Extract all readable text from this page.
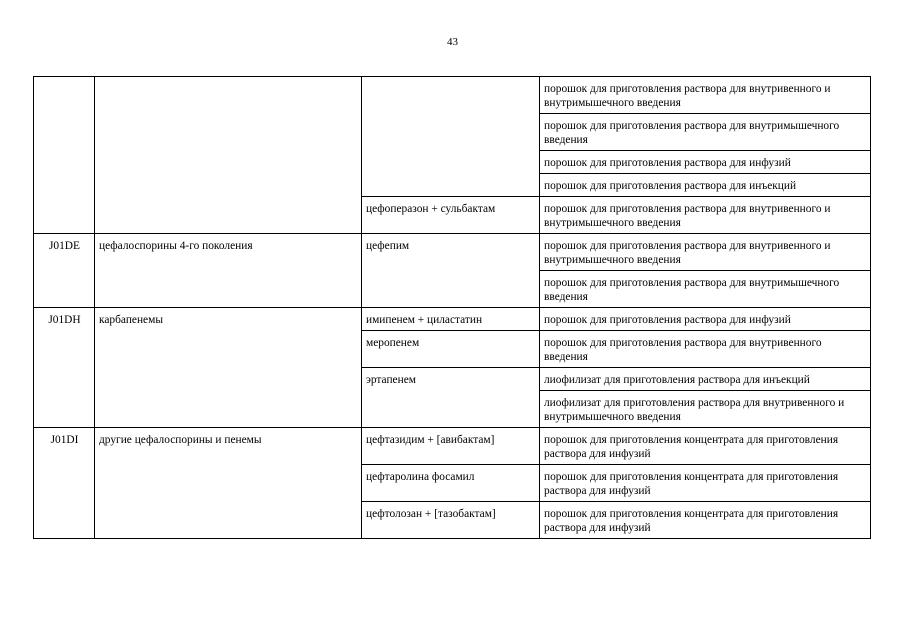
43
			порошок для приготовления раствора для внутривенного и внутримышечного введения
			порошок для приготовления раствора для внутримышечного введения
			порошок для приготовления раствора для инфузий
			порошок для приготовления раствора для инъекций
		цефоперазон + сульбактам	порошок для приготовления раствора для внутривенного и внутримышечного введения
J01DE	цефалоспорины 4-го поколения	цефепим	порошок для приготовления раствора для внутривенного и внутримышечного введения
			порошок для приготовления раствора для внутримышечного введения
J01DH	карбапенемы	имипенем + циластатин	порошок для приготовления раствора для инфузий
		меропенем	порошок для приготовления раствора для внутривенного введения
		эртапенем	лиофилизат для приготовления раствора для инъекций
			лиофилизат для приготовления раствора для внутривенного и внутримышечного введения
J01DI	другие цефалоспорины и пенемы	цефтазидим + [авибактам]	порошок для приготовления концентрата для приготовления раствора для инфузий
		цефтаролина фосамил	порошок для приготовления концентрата для приготовления раствора для инфузий
		цефтолозан + [тазобактам]	порошок для приготовления концентрата для приготовления раствора для инфузий
